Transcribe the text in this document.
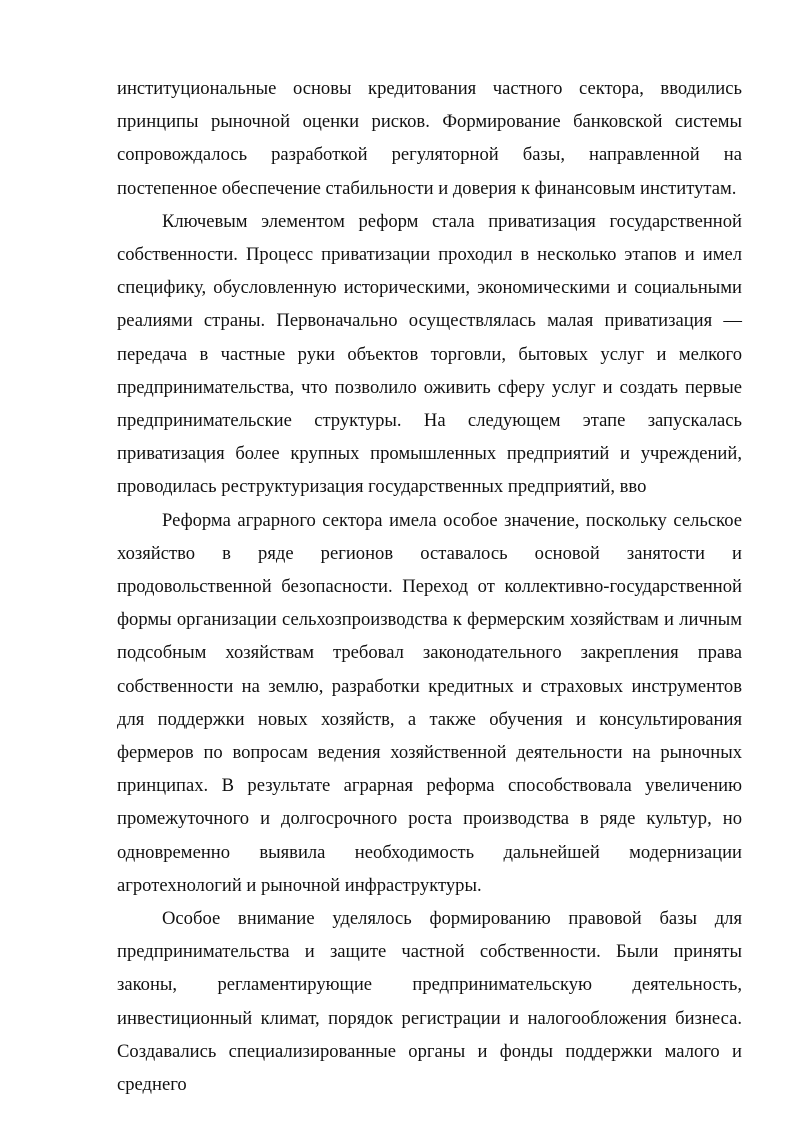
институциональные основы кредитования частного сектора, вводились принципы рыночной оценки рисков. Формирование банковской системы сопровождалось разработкой регуляторной базы, направленной на постепенное обеспечение стабильности и доверия к финансовым институтам.

Ключевым элементом реформ стала приватизация государственной собственности. Процесс приватизации проходил в несколько этапов и имел специфику, обусловленную историческими, экономическими и социальными реалиями страны. Первоначально осуществлялась малая приватизация — передача в частные руки объектов торговли, бытовых услуг и мелкого предпринимательства, что позволило оживить сферу услуг и создать первые предпринимательские структуры. На следующем этапе запускалась приватизация более крупных промышленных предприятий и учреждений, проводилась реструктуризация государственных предприятий, вво

Реформа аграрного сектора имела особое значение, поскольку сельское хозяйство в ряде регионов оставалось основой занятости и продовольственной безопасности. Переход от коллективно-государственной формы организации сельхозпроизводства к фермерским хозяйствам и личным подсобным хозяйствам требовал законодательного закрепления права собственности на землю, разработки кредитных и страховых инструментов для поддержки новых хозяйств, а также обучения и консультирования фермеров по вопросам ведения хозяйственной деятельности на рыночных принципах. В результате аграрная реформа способствовала увеличению промежуточного и долгосрочного роста производства в ряде культур, но одновременно выявила необходимость дальнейшей модернизации агротехнологий и рыночной инфраструктуры.

Особое внимание уделялось формированию правовой базы для предпринимательства и защите частной собственности. Были приняты законы, регламентирующие предпринимательскую деятельность, инвестиционный климат, порядок регистрации и налогообложения бизнеса. Создавались специализированные органы и фонды поддержки малого и среднего
